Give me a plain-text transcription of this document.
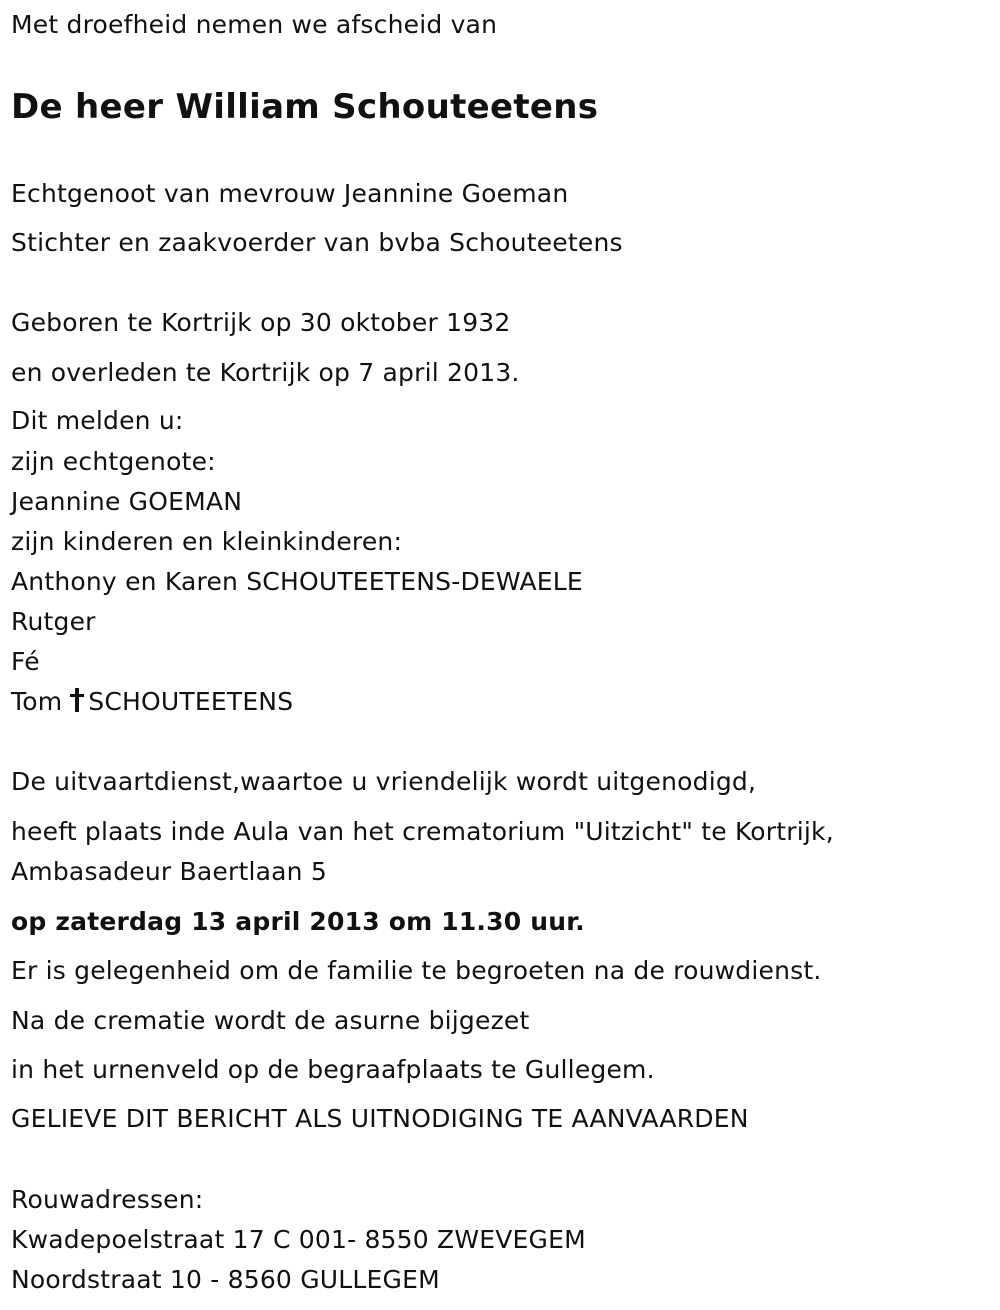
Met droefheid nemen we afscheid van
De heer William Schouteetens
Echtgenoot van mevrouw Jeannine Goeman
Stichter en zaakvoerder van bvba Schouteetens
Geboren te Kortrijk op 30 oktober 1932
en overleden te Kortrijk op 7 april 2013.
Dit melden u:
zijn echtgenote:
Jeannine GOEMAN
zijn kinderen en kleinkinderen:
Anthony en Karen SCHOUTEETENS-DEWAELE
Rutger
Fé
Tom SCHOUTEETENS
De uitvaartdienst,waartoe u vriendelijk wordt uitgenodigd,
heeft plaats inde Aula van het crematorium "Uitzicht" te Kortrijk,
Ambasadeur Baertlaan 5
op zaterdag 13 april 2013 om 11.30 uur.
Er is gelegenheid om de familie te begroeten na de rouwdienst.
Na de crematie wordt de asurne bijgezet
in het urnenveld op de begraafplaats te Gullegem.
GELIEVE DIT BERICHT ALS UITNODIGING TE AANVAARDEN
Rouwadressen:
Kwadepoelstraat 17 C 001- 8550 ZWEVEGEM
Noordstraat 10 - 8560 GULLEGEM
